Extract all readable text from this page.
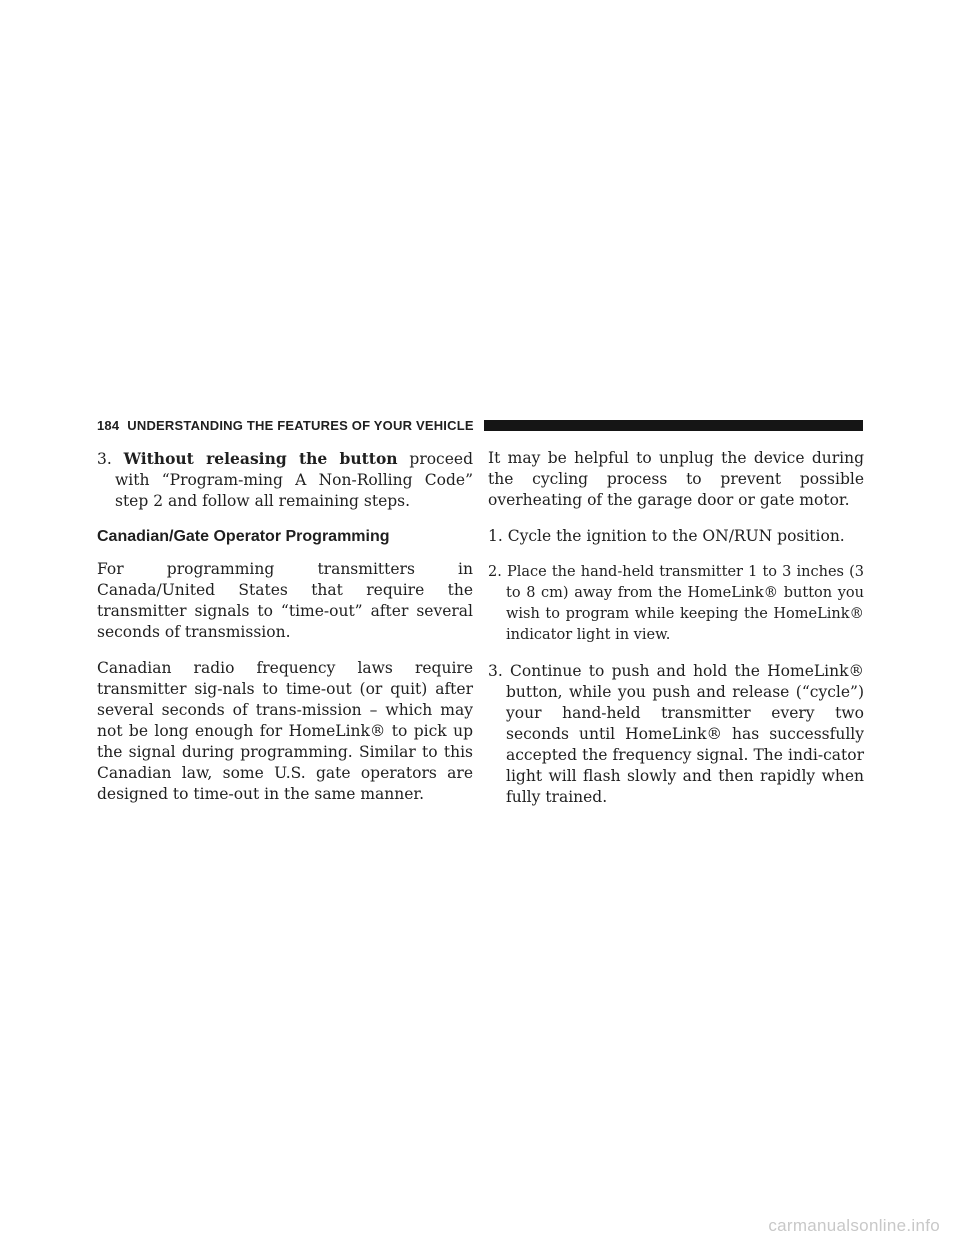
184 UNDERSTANDING THE FEATURES OF YOUR VEHICLE
3. Without releasing the button proceed with “Program-ming A Non-Rolling Code” step 2 and follow all remaining steps.
Canadian/Gate Operator Programming

For programming transmitters in Canada/United States that require the transmitter signals to “time-out” after several seconds of transmission.

Canadian radio frequency laws require transmitter sig-nals to time-out (or quit) after several seconds of trans-mission – which may not be long enough for HomeLink® to pick up the signal during programming. Similar to this Canadian law, some U.S. gate operators are designed to time-out in the same manner.

It may be helpful to unplug the device during the cycling process to prevent possible overheating of the garage door or gate motor.

1. Cycle the ignition to the ON/RUN position.
2. Place the hand-held transmitter 1 to 3 inches (3 to 8 cm) away from the HomeLink® button you wish to program while keeping the HomeLink® indicator light in view.
3. Continue to push and hold the HomeLink® button, while you push and release (“cycle”) your hand-held transmitter every two seconds until HomeLink® has successfully accepted the frequency signal. The indi-cator light will flash slowly and then rapidly when fully trained.
carmanualsonline.info
